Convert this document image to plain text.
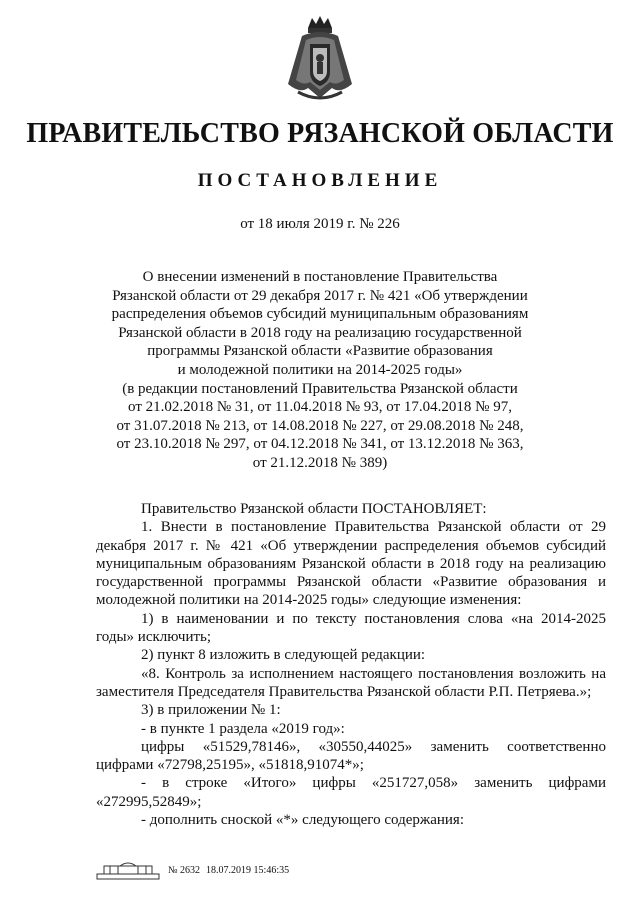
ПРАВИТЕЛЬСТВО РЯЗАНСКОЙ ОБЛАСТИ
ПОСТАНОВЛЕНИЕ
от 18 июля 2019 г. № 226
О внесении изменений в постановление Правительства
Рязанской области от 29 декабря 2017 г. № 421 «Об утверждении
распределения объемов субсидий муниципальным образованиям
Рязанской области в 2018 году на реализацию государственной
программы Рязанской области «Развитие образования
и молодежной политики на 2014-2025 годы»
(в редакции постановлений Правительства Рязанской области
от 21.02.2018 № 31, от 11.04.2018 № 93, от 17.04.2018 № 97,
от 31.07.2018 № 213, от 14.08.2018 № 227, от 29.08.2018 № 248,
от 23.10.2018 № 297, от 04.12.2018 № 341, от 13.12.2018 № 363,
от 21.12.2018 № 389)

Правительство Рязанской области ПОСТАНОВЛЯЕТ:

1. Внести в постановление Правительства Рязанской области от 29 декабря 2017 г. № 421 «Об утверждении распределения объемов субсидий муниципальным образованиям Рязанской области в 2018 году на реализацию государственной программы Рязанской области «Развитие образования и молодежной политики на 2014-2025 годы» следующие изменения:

1) в наименовании и по тексту постановления слова «на 2014-2025 годы» исключить;

2) пункт 8 изложить в следующей редакции:

«8. Контроль за исполнением настоящего постановления возложить на заместителя Председателя Правительства Рязанской области Р.П. Петряева.»;

3) в приложении № 1:

- в пункте 1 раздела «2019 год»:

цифры «51529,78146», «30550,44025» заменить соответственно цифрами «72798,25195», «51818,91074*»;

- в строке «Итого» цифры «251727,058» заменить цифрами «272995,52849»;

- дополнить сноской «*» следующего содержания:

№ 2632 18.07.2019 15:46:35
